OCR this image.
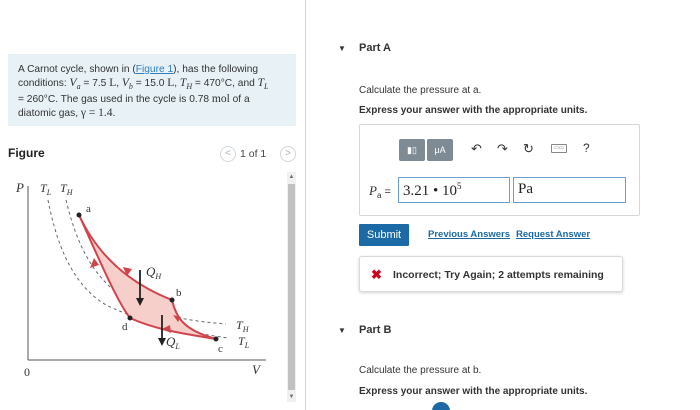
A Carnot cycle, shown in (Figure 1), has the following
conditions: $V_a = 7.5$ L, $V_b = 15.0$ L, $T_H = 470^\circ C$, and $T_L$
= 260°C. The gas used in the cycle is 0.78 mol of a
diatomic gas, γ = 1.4.
Figure	< 1 of 1	>
P
V
0
$T_L$ $T_H$
a
b
c
d
$Q_H$
$Q_L$
$T_H$
$T_L$
▲
▼
▼ Part A
Calculate the pressure at a.
Express your answer with the appropriate units.
▮▯	μA	↶ ↷ ↻	▭▭ ?
$P_a = 3.21$ • $10^5$	Pa
Submit	Previous Answers Request Answer
✖ Incorrect; Try Again; 2 attempts remaining
▼ Part B
Calculate the pressure at b.
Express your answer with the appropriate units.
